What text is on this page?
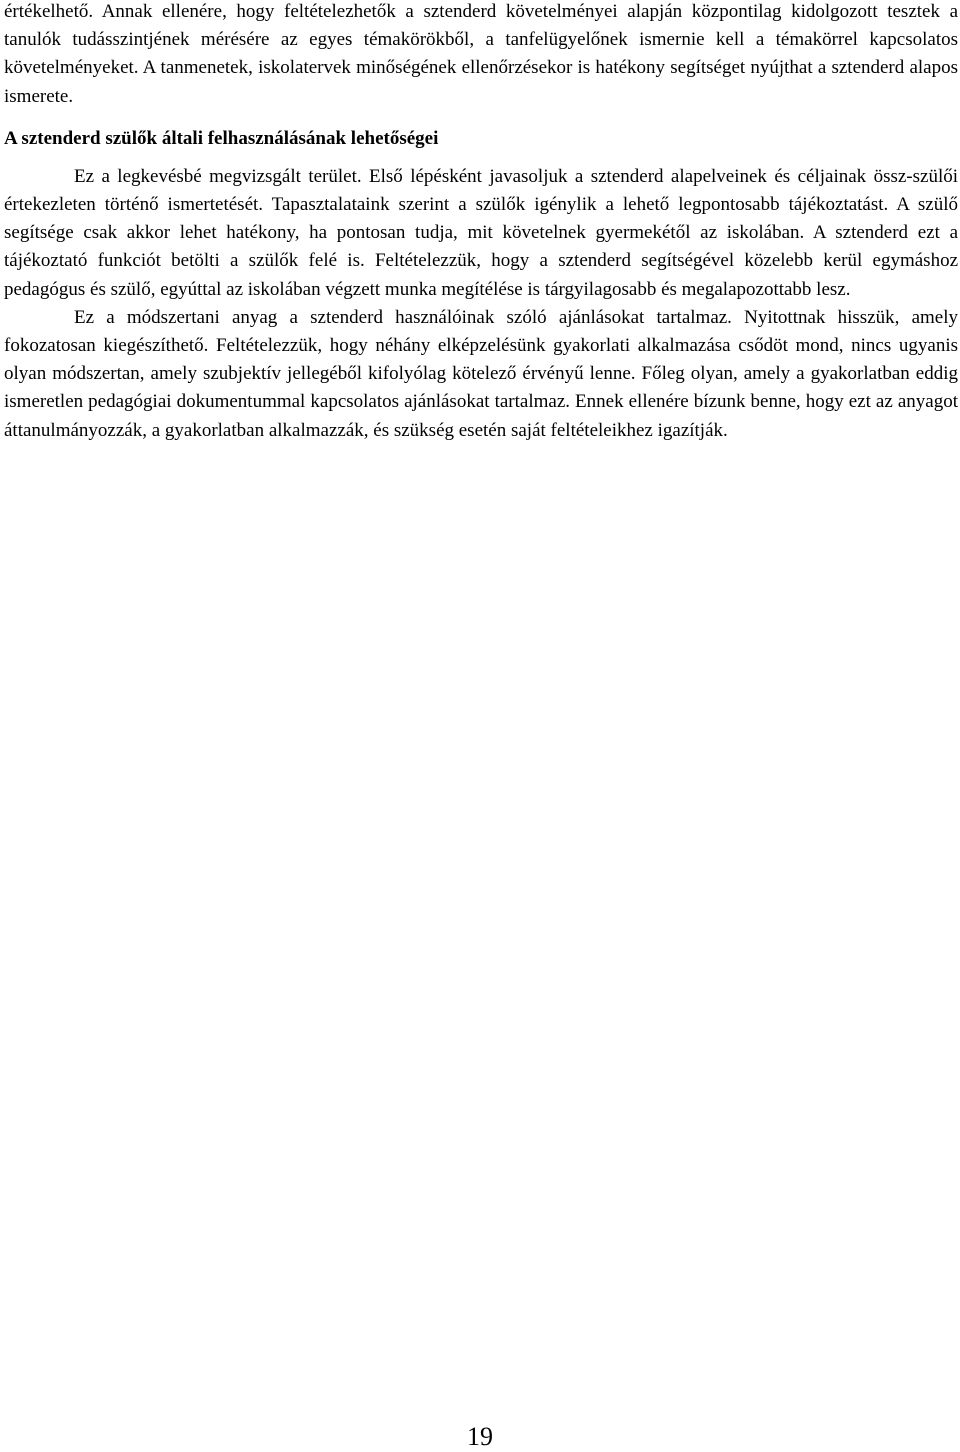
értékelhető. Annak ellenére, hogy feltételezhetők a sztenderd követelményei alapján központilag kidolgozott tesztek a tanulók tudásszintjének mérésére az egyes témakörökből, a tanfelügyelőnek ismernie kell a témakörrel kapcsolatos követelményeket. A tanmenetek, iskolatervek minőségének ellenőrzésekor is hatékony segítséget nyújthat a sztenderd alapos ismerete.

A sztenderd szülők általi felhasználásának lehetőségei

Ez a legkevésbé megvizsgált terület. Első lépésként javasoljuk a sztenderd alapelveinek és céljainak össz-szülői értekezleten történő ismertetését. Tapasztalataink szerint a szülők igénylik a lehető legpontosabb tájékoztatást. A szülő segítsége csak akkor lehet hatékony, ha pontosan tudja, mit követelnek gyermekétől az iskolában. A sztenderd ezt a tájékoztató funkciót betölti a szülők felé is. Feltételezzük, hogy a sztenderd segítségével közelebb kerül egymáshoz pedagógus és szülő, egyúttal az iskolában végzett munka megítélése is tárgyilagosabb és megalapozottabb lesz.

Ez a módszertani anyag a sztenderd használóinak szóló ajánlásokat tartalmaz. Nyitottnak hisszük, amely fokozatosan kiegészíthető. Feltételezzük, hogy néhány elképzelésünk gyakorlati alkalmazása csődöt mond, nincs ugyanis olyan módszertan, amely szubjektív jellegéből kifolyólag kötelező érvényű lenne. Főleg olyan, amely a gyakorlatban eddig ismeretlen pedagógiai dokumentummal kapcsolatos ajánlásokat tartalmaz. Ennek ellenére bízunk benne, hogy ezt az anyagot áttanulmányozzák, a gyakorlatban alkalmazzák, és szükség esetén saját feltételeikhez igazítják.

19
